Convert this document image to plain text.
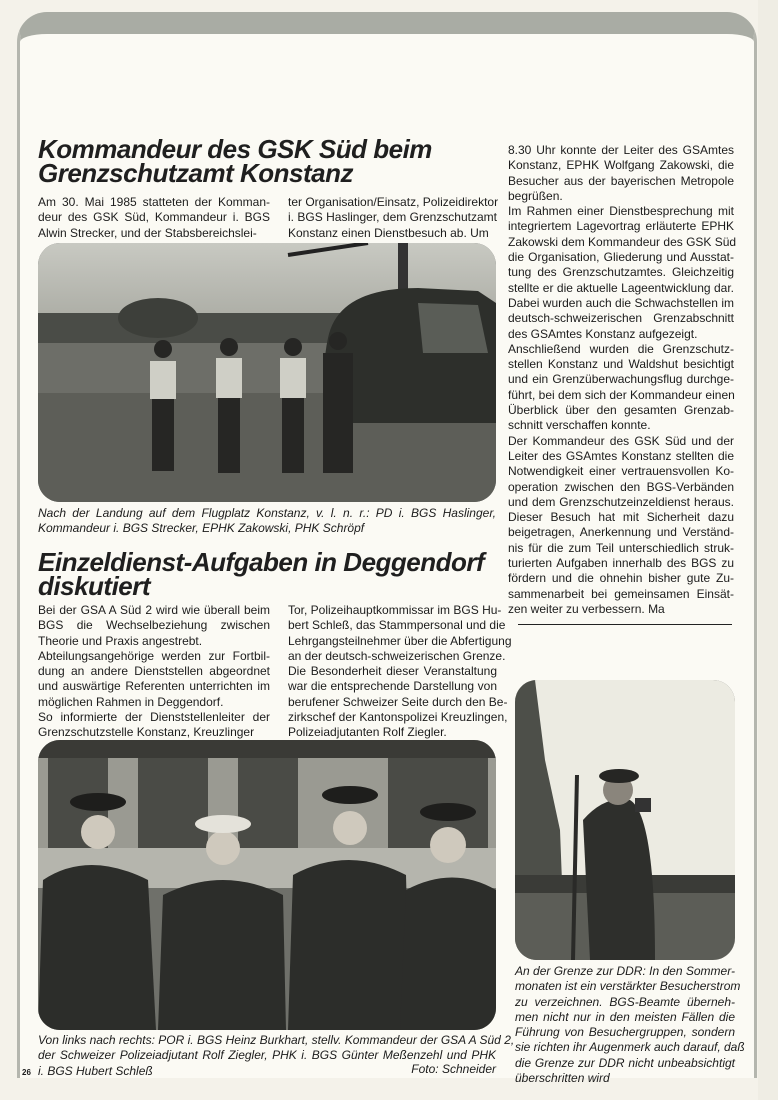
Kommandeur des GSK Süd beim
Grenzschutzamt Konstanz
Am 30. Mai 1985 statteten der Komman-
deur des GSK Süd, Kommandeur i. BGS
Alwin Strecker, und der Stabsbereichslei-
ter Organisation/Einsatz, Polizeidirektor
i. BGS Haslinger, dem Grenzschutzamt
Konstanz einen Dienstbesuch ab. Um
8.30 Uhr konnte der Leiter des GSAmtes
Konstanz, EPHK Wolfgang Zakowski, die
Besucher aus der bayerischen Metropole
begrüßen.
Im Rahmen einer Dienstbesprechung mit
integriertem Lagevortrag erläuterte EPHK
Zakowski dem Kommandeur des GSK Süd
die Organisation, Gliederung und Ausstat-
tung des Grenzschutzamtes. Gleichzeitig
stellte er die aktuelle Lageentwicklung dar.
Dabei wurden auch die Schwachstellen im
deutsch-schweizerischen Grenzabschnitt
des GSAmtes Konstanz aufgezeigt.
Anschließend wurden die Grenzschutz-
stellen Konstanz und Waldshut besichtigt
und ein Grenzüberwachungsflug durchge-
führt, bei dem sich der Kommandeur einen
Überblick über den gesamten Grenzab-
schnitt verschaffen konnte.
Der Kommandeur des GSK Süd und der
Leiter des GSAmtes Konstanz stellten die
Notwendigkeit einer vertrauensvollen Ko-
operation zwischen den BGS-Verbänden
und dem Grenzschutzeinzeldienst heraus.
Dieser Besuch hat mit Sicherheit dazu
beigetragen, Anerkennung und Verständ-
nis für die zum Teil unterschiedlich struk-
turierten Aufgaben innerhalb des BGS zu
fördern und die ohnehin bisher gute Zu-
sammenarbeit bei gemeinsamen Einsät-
zen weiter zu verbessern. Ma
Nach der Landung auf dem Flugplatz Konstanz, v. l. n. r.: PD i. BGS Haslinger,
Kommandeur i. BGS Strecker, EPHK Zakowski, PHK Schröpf
Einzeldienst-Aufgaben in Deggendorf
diskutiert
Bei der GSA A Süd 2 wird wie überall beim
BGS die Wechselbeziehung zwischen
Theorie und Praxis angestrebt.
Abteilungsangehörige werden zur Fortbil-
dung an andere Dienststellen abgeordnet
und auswärtige Referenten unterrichten im
möglichen Rahmen in Deggendorf.
So informierte der Dienststellenleiter der
Grenzschutzstelle Konstanz, Kreuzlinger
Tor, Polizeihauptkommissar im BGS Hu-
bert Schleß, das Stammpersonal und die
Lehrgangsteilnehmer über die Abfertigung
an der deutsch-schweizerischen Grenze.
Die Besonderheit dieser Veranstaltung
war die entsprechende Darstellung von
berufener Schweizer Seite durch den Be-
zirkschef der Kantonspolizei Kreuzlingen,
Polizeiadjutanten Rolf Ziegler.
Von links nach rechts: POR i. BGS Heinz Burkhart, stellv. Kommandeur der GSA A Süd 2,
der Schweizer Polizeiadjutant Rolf Ziegler, PHK i. BGS Günter Meßenzehl und PHK
i. BGS Hubert Schleß	Foto: Schneider
26
An der Grenze zur DDR: In den Sommer-
monaten ist ein verstärkter Besucherstrom
zu verzeichnen. BGS-Beamte überneh-
men nicht nur in den meisten Fällen die
Führung von Besuchergruppen, sondern
sie richten ihr Augenmerk auch darauf, daß
die Grenze zur DDR nicht unbeabsichtigt
überschritten wird
